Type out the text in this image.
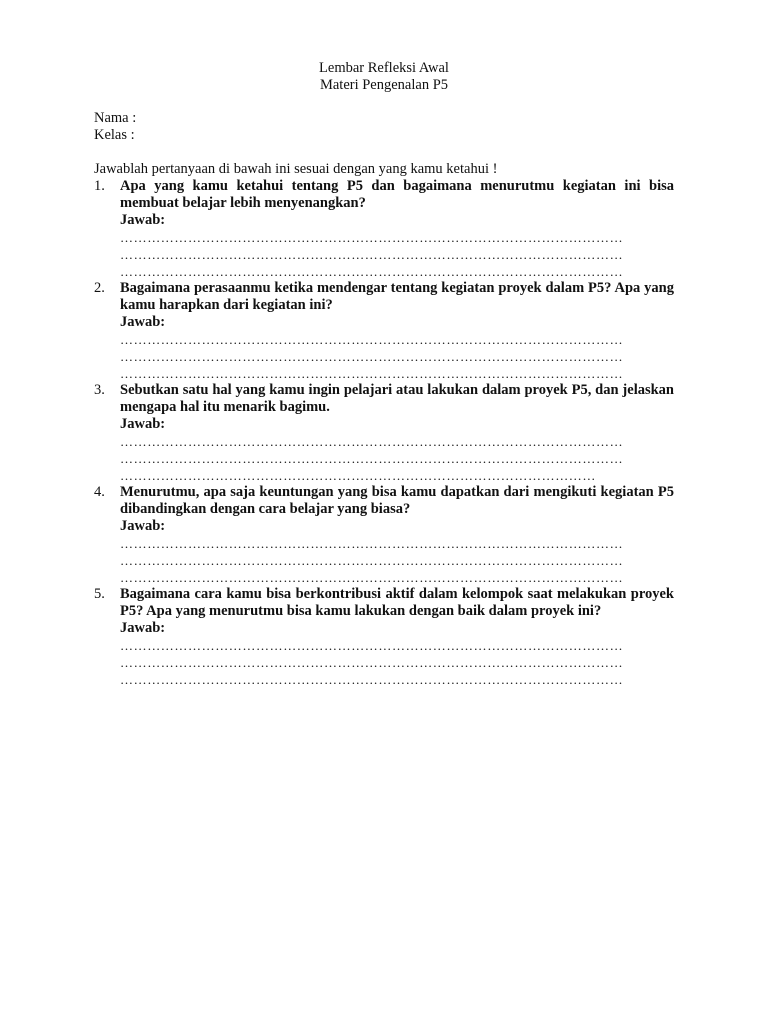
Lembar Refleksi Awal
Materi Pengenalan P5
Nama :
Kelas :
Jawablah pertanyaan di bawah ini sesuai dengan yang kamu ketahui !
1.	Apa yang kamu ketahui tentang P5 dan bagaimana menurutmu kegiatan ini bisa membuat belajar lebih menyenangkan?
Jawab:
…………………………………………………………………………………………………
…………………………………………………………………………………………………
…………………………………………………………………………………………………
2.	Bagaimana perasaanmu ketika mendengar tentang kegiatan proyek dalam P5? Apa yang kamu harapkan dari kegiatan ini?
Jawab:
…………………………………………………………………………………………………
…………………………………………………………………………………………………
…………………………………………………………………………………………………
3.	Sebutkan satu hal yang kamu ingin pelajari atau lakukan dalam proyek P5, dan jelaskan mengapa hal itu menarik bagimu.
Jawab:
…………………………………………………………………………………………………
…………………………………………………………………………………………………
……………………………………………………………………………………………
4.	Menurutmu, apa saja keuntungan yang bisa kamu dapatkan dari mengikuti kegiatan P5 dibandingkan dengan cara belajar yang biasa?
Jawab:
…………………………………………………………………………………………………
…………………………………………………………………………………………………
…………………………………………………………………………………………………
5.	Bagaimana cara kamu bisa berkontribusi aktif dalam kelompok saat melakukan proyek P5? Apa yang menurutmu bisa kamu lakukan dengan baik dalam proyek ini?
Jawab:
…………………………………………………………………………………………………
…………………………………………………………………………………………………
…………………………………………………………………………………………………
